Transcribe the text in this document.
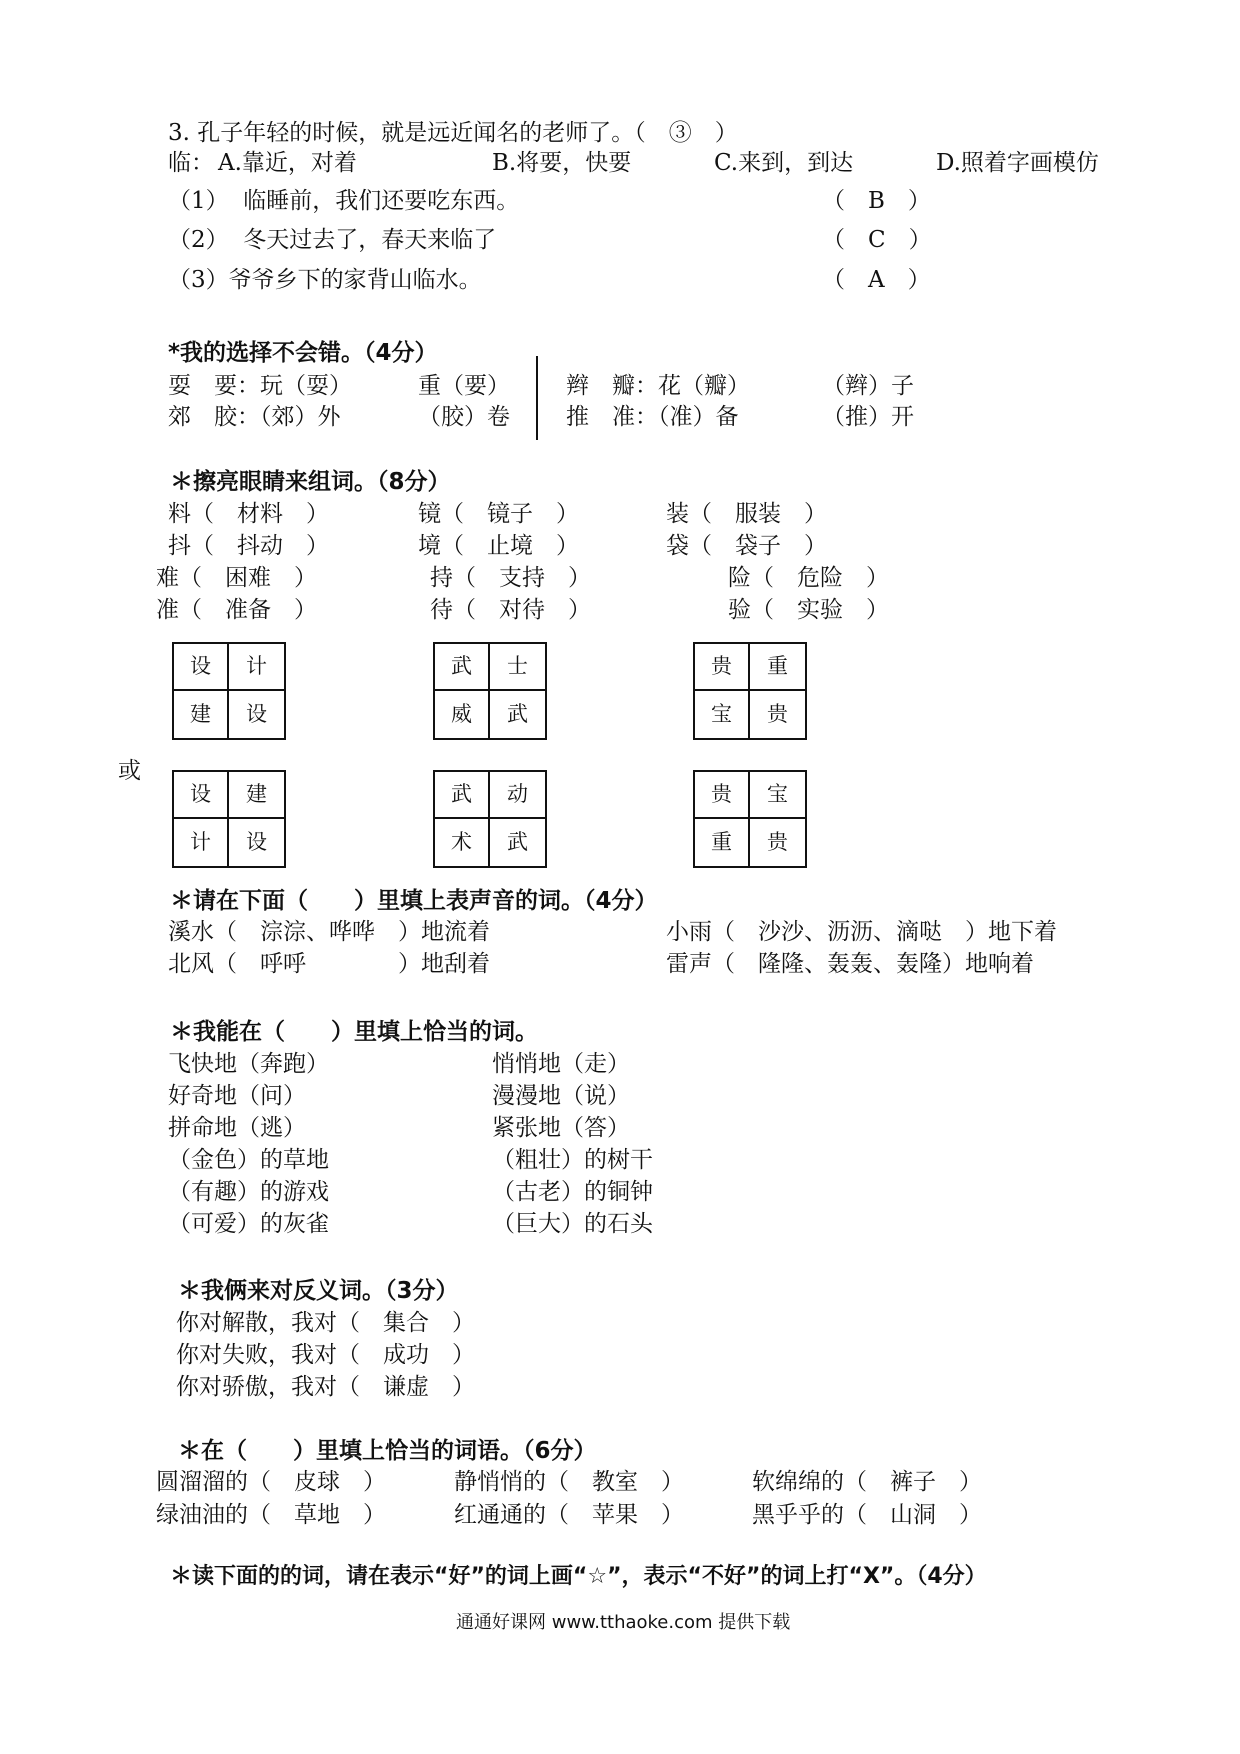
3. 孔子年轻的时候，就是远近闻名的老师了。（　③　）
临： A.靠近，对着	B.将要，快要	C.来到，到达	D.照着字画模仿
（1）  临睡前，我们还要吃东西。	（　B　）
（2）  冬天过去了，春天来临了	（　C　）
（3）爷爷乡下的家背山临水。	（　A　）
*我的选择不会错。（4分）
耍　要：玩（耍）	重（要） 辫　瓣：花（瓣）	（辫）子
郊　胶：（郊）外	（胶）卷 推　准：（准）备	（推）开
＊擦亮眼睛来组词。（8分）
料（　材料　）	镜（　镜子　）	装（　服装　）
抖（　抖动　）	境（　止境　）	袋（　袋子　）
难（　困难　）	持（　支持　）	险（　危险　）
准（　准备　）	待（　对待　）	验（　实验　）
设	计
建	设
武	士
威	武
贵	重
宝	贵
或
设	建
计	设
武	动
术	武
贵	宝
重	贵
＊请在下面（　　）里填上表声音的词。（4分）
溪水（　淙淙、哗哗　）地流着	小雨（　沙沙、沥沥、滴哒　）地下着
北风（　呼呼　　　　）地刮着	雷声（　隆隆、轰轰、轰隆）地响着
＊我能在（　　）里填上恰当的词。
飞快地（奔跑）	悄悄地（走）
好奇地（问）	漫漫地（说）
拼命地（逃）	紧张地（答）
（金色）的草地	（粗壮）的树干
（有趣）的游戏	（古老）的铜钟
（可爱）的灰雀	（巨大）的石头
＊我俩来对反义词。（3分）
你对解散，我对（　集合　）
你对失败，我对（　成功　）
你对骄傲，我对（　谦虚　）
＊在（　　）里填上恰当的词语。（6分）
圆溜溜的（　皮球　）	静悄悄的（　教室　）	软绵绵的（　裤子　）
绿油油的（　草地　）	红通通的（　苹果　）	黑乎乎的（　山洞　）
＊读下面的的词，请在表示“好”的词上画“☆”，表示“不好”的词上打“X”。（4分）
通通好课网 www.tthaoke.com 提供下载
